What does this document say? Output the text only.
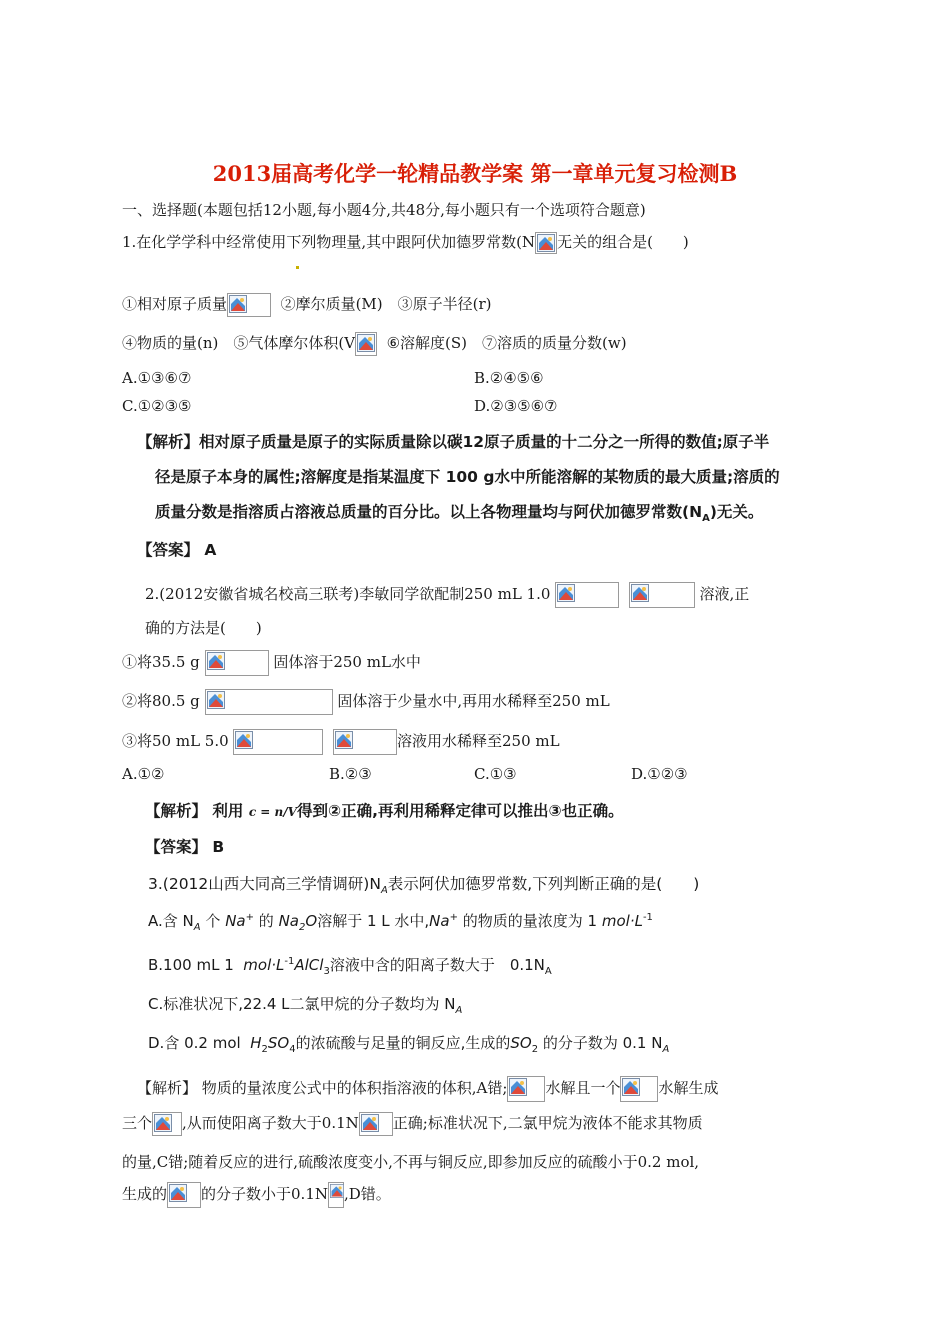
2013届高考化学一轮精品教学案 第一章单元复习检测B
一、选择题(本题包括12小题,每小题4分,共48分,每小题只有一个选项符合题意)
1.在化学学科中经常使用下列物理量,其中跟阿伏加德罗常数(N 无关的组合是(　　)
①相对原子质量	②摩尔质量(M)　③原子半径(r)
④物质的量(n)　⑤气体摩尔体积(V ⑥溶解度(S)　⑦溶质的质量分数(w)
A.①③⑥⑦	B.②④⑤⑥
C.①②③⑤	D.②③⑤⑥⑦
【解析】相对原子质量是原子的实际质量除以碳12原子质量的十二分之一所得的数值;原子半
径是原子本身的属性;溶解度是指某温度下 100 g水中所能溶解的某物质的最大质量;溶质的
质量分数是指溶质占溶液总质量的百分比。以上各物理量均与阿伏加德罗常数$(N_A)$无关。
【答案】 A
2.(2012安徽省城名校高三联考)李敏同学欲配制250 mL 1.0
	溶液,正
确的方法是(　　)
①将35.5 g	固体溶于250 mL水中
②将80.5 g	固体溶于少量水中,再用水稀释至250 mL
③将50 mL 5.0
	溶液用水稀释至250 mL
A.①②	B.②③	C.①③	D.①②③
【解析】 利用 c = n/V得到②正确,再利用稀释定律可以推出③也正确。
【答案】 B
3.(2012山西大同高三学情调研)$N_A$表示阿伏加德罗常数,下列判断正确的是(　　)
A.含 $N_A$ 个 Na+ 的 $Na_2O$溶解于 1 L 水中,Na+ 的物质的量浓度为 1 $mol\cdot L^{-1}$
B.100 mL 1 $mol\cdot L^{-1}AlCl_3$溶液中含的阳离子数大于　$0.1N_A$
C.标准状况下,22.4 L二氯甲烷的分子数均为 $N_A$
D.含 0.2 mol $H_2SO_4$的浓硫酸与足量的铜反应,生成的$SO_2$ 的分子数为 0.1 $N_A$
【解析】 物质的量浓度公式中的体积指溶液的体积,A错;	水解且一个	水解生成
三个 ,从而使阳离子数大于0.1N 正确;标准状况下,二氯甲烷为液体不能求其物质
的量,C错;随着反应的进行,硫酸浓度变小,不再与铜反应,即参加反应的硫酸小于0.2 mol,
生成的 的分子数小于0.1N ,D错。
